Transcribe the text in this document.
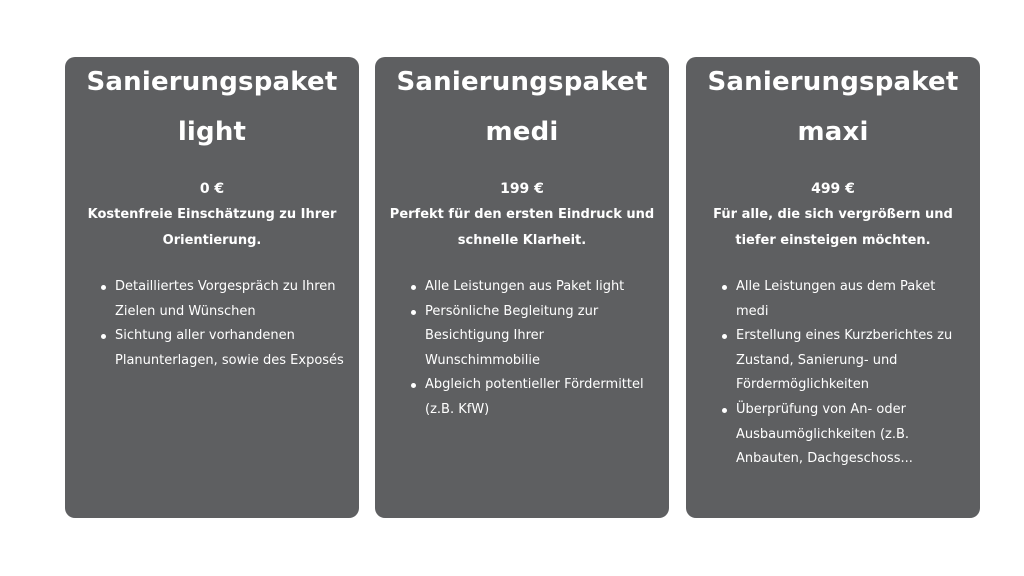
Sanierungspaket
light
0 €
Kostenfreie Einschätzung zu Ihrer Orientierung.
Detailliertes Vorgespräch zu Ihren Zielen und Wünschen
Sichtung aller vorhandenen Planunterlagen, sowie des Exposés
Sanierungspaket
medi
199 €
Perfekt für den ersten Eindruck und schnelle Klarheit.
Alle Leistungen aus Paket light
Persönliche Begleitung zur Besichtigung Ihrer Wunschimmobilie
Abgleich potentieller Fördermittel (z.B. KfW)
Sanierungspaket
maxi
499 €
Für alle, die sich vergrößern und tiefer einsteigen möchten.
Alle Leistungen aus dem Paket medi
Erstellung eines Kurzberichtes zu Zustand, Sanierung- und Fördermöglichkeiten
Überprüfung von An- oder Ausbaumöglichkeiten (z.B. Anbauten, Dachgeschoss...
